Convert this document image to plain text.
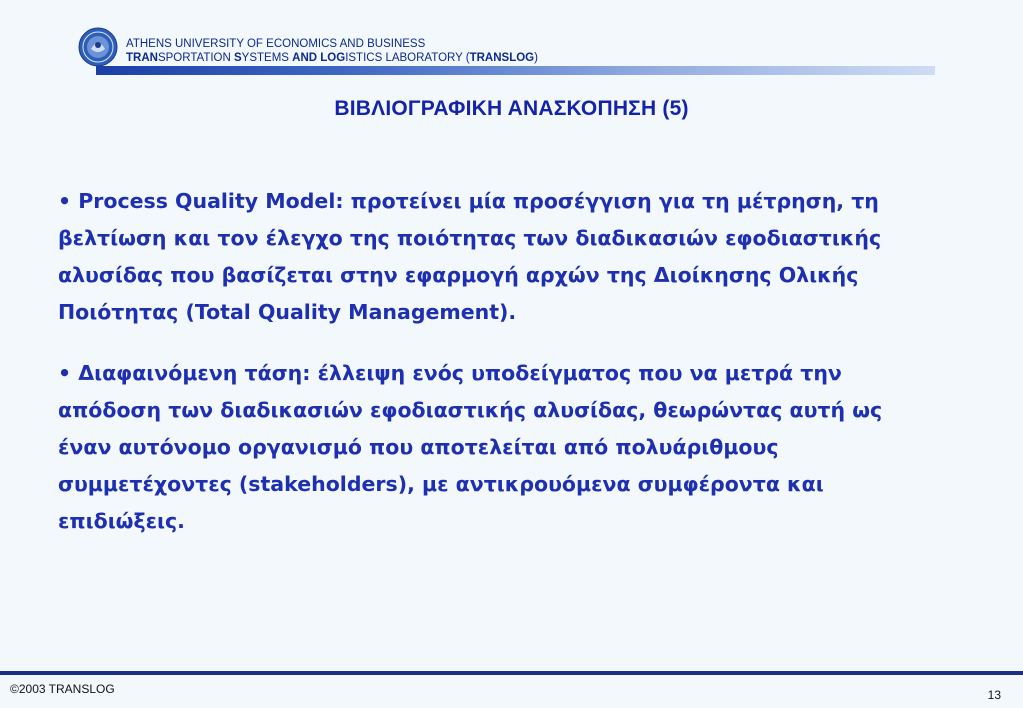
ATHENS UNIVERSITY OF ECONOMICS AND BUSINESS
TRANSPORTATION SYSTEMS AND LOGISTICS LABORATORY (TRANSLOG)
ΒΙΒΛΙΟΓΡΑΦΙΚΗ ΑΝΑΣΚΟΠΗΣΗ (5)
• Process Quality Model: προτείνει μία προσέγγιση για τη μέτρηση, τη
βελτίωση και τον έλεγχο της ποιότητας των διαδικασιών εφοδιαστικής
αλυσίδας που βασίζεται στην εφαρμογή αρχών της Διοίκησης Ολικής
Ποιότητας (Total Quality Management).
• Διαφαινόμενη τάση: έλλειψη ενός υποδείγματος που να μετρά την
απόδοση των διαδικασιών εφοδιαστικής αλυσίδας, θεωρώντας αυτή ως
έναν αυτόνομο οργανισμό που αποτελείται από πολυάριθμους
συμμετέχοντες (stakeholders), με αντικρουόμενα συμφέροντα και
επιδιώξεις.
©2003 TRANSLOG	13
